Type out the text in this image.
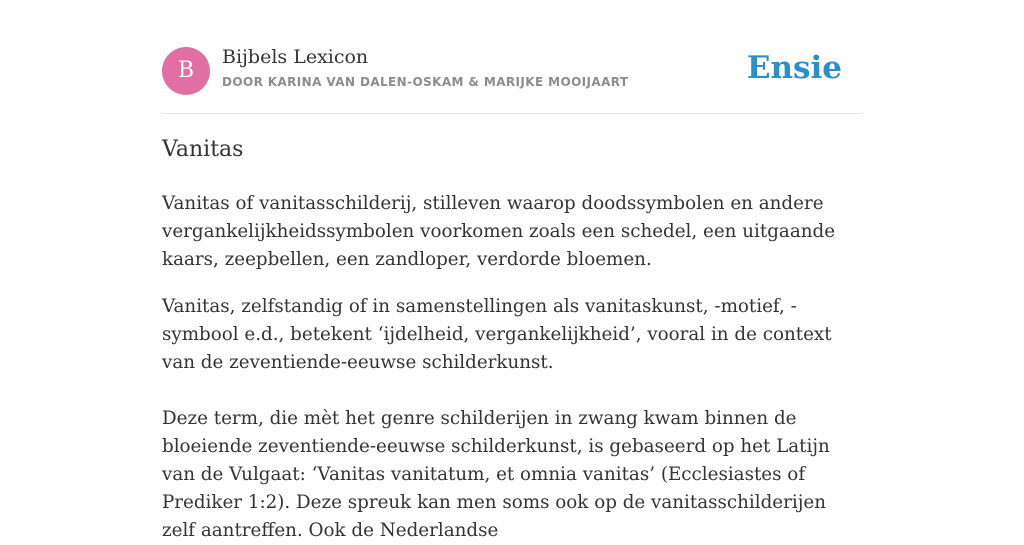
B
Bijbels Lexicon
DOOR KARINA VAN DALEN-OSKAM & MARIJKE MOOIJAART	Ensie
Vanitas

Vanitas of vanitasschilderij, stilleven waarop doodssymbolen en andere vergankelijkheidssymbolen voorkomen zoals een schedel, een uitgaande kaars, zeepbellen, een zandloper, verdorde bloemen.

Vanitas, zelfstandig of in samenstellingen als vanitaskunst, -motief, -symbool e.d., betekent ‘ijdelheid, vergankelijkheid’, vooral in de context van de zeventiende-eeuwse schilderkunst.

Deze term, die mèt het genre schilderijen in zwang kwam binnen de bloeiende zeventiende-eeuwse schilderkunst, is gebaseerd op het Latijn van de Vulgaat: ‘Vanitas vanitatum, et omnia vanitas’ (Ecclesiastes of Prediker 1:2). Deze spreuk kan men soms ook op de vanitasschilderijen zelf aantreffen. Ook de Nederlandse
